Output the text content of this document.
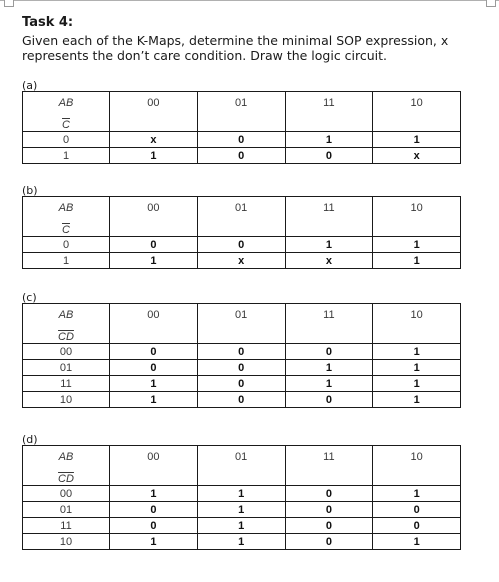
Task 4:
Given each of the K-Maps, determine the minimal SOP expression, x represents the don’t care condition. Draw the logic circuit.
(a)
AB
$\overline{C}$	00	01	11	10
0	x	0	1	1
1	1	0	0	x
(b)
AB
$\overline{C}$	00	01	11	10
0	0	0	1	1
1	1	x	x	1
(c)
AB
$\overline{CD}$	00	01	11	10
00	0	0	0	1
01	0	0	1	1
11	1	0	1	1
10	1	0	0	1
(d)
AB
$\overline{CD}$	00	01	11	10
00	1	1	0	1
01	0	1	0	0
11	0	1	0	0
10	1	1	0	1
